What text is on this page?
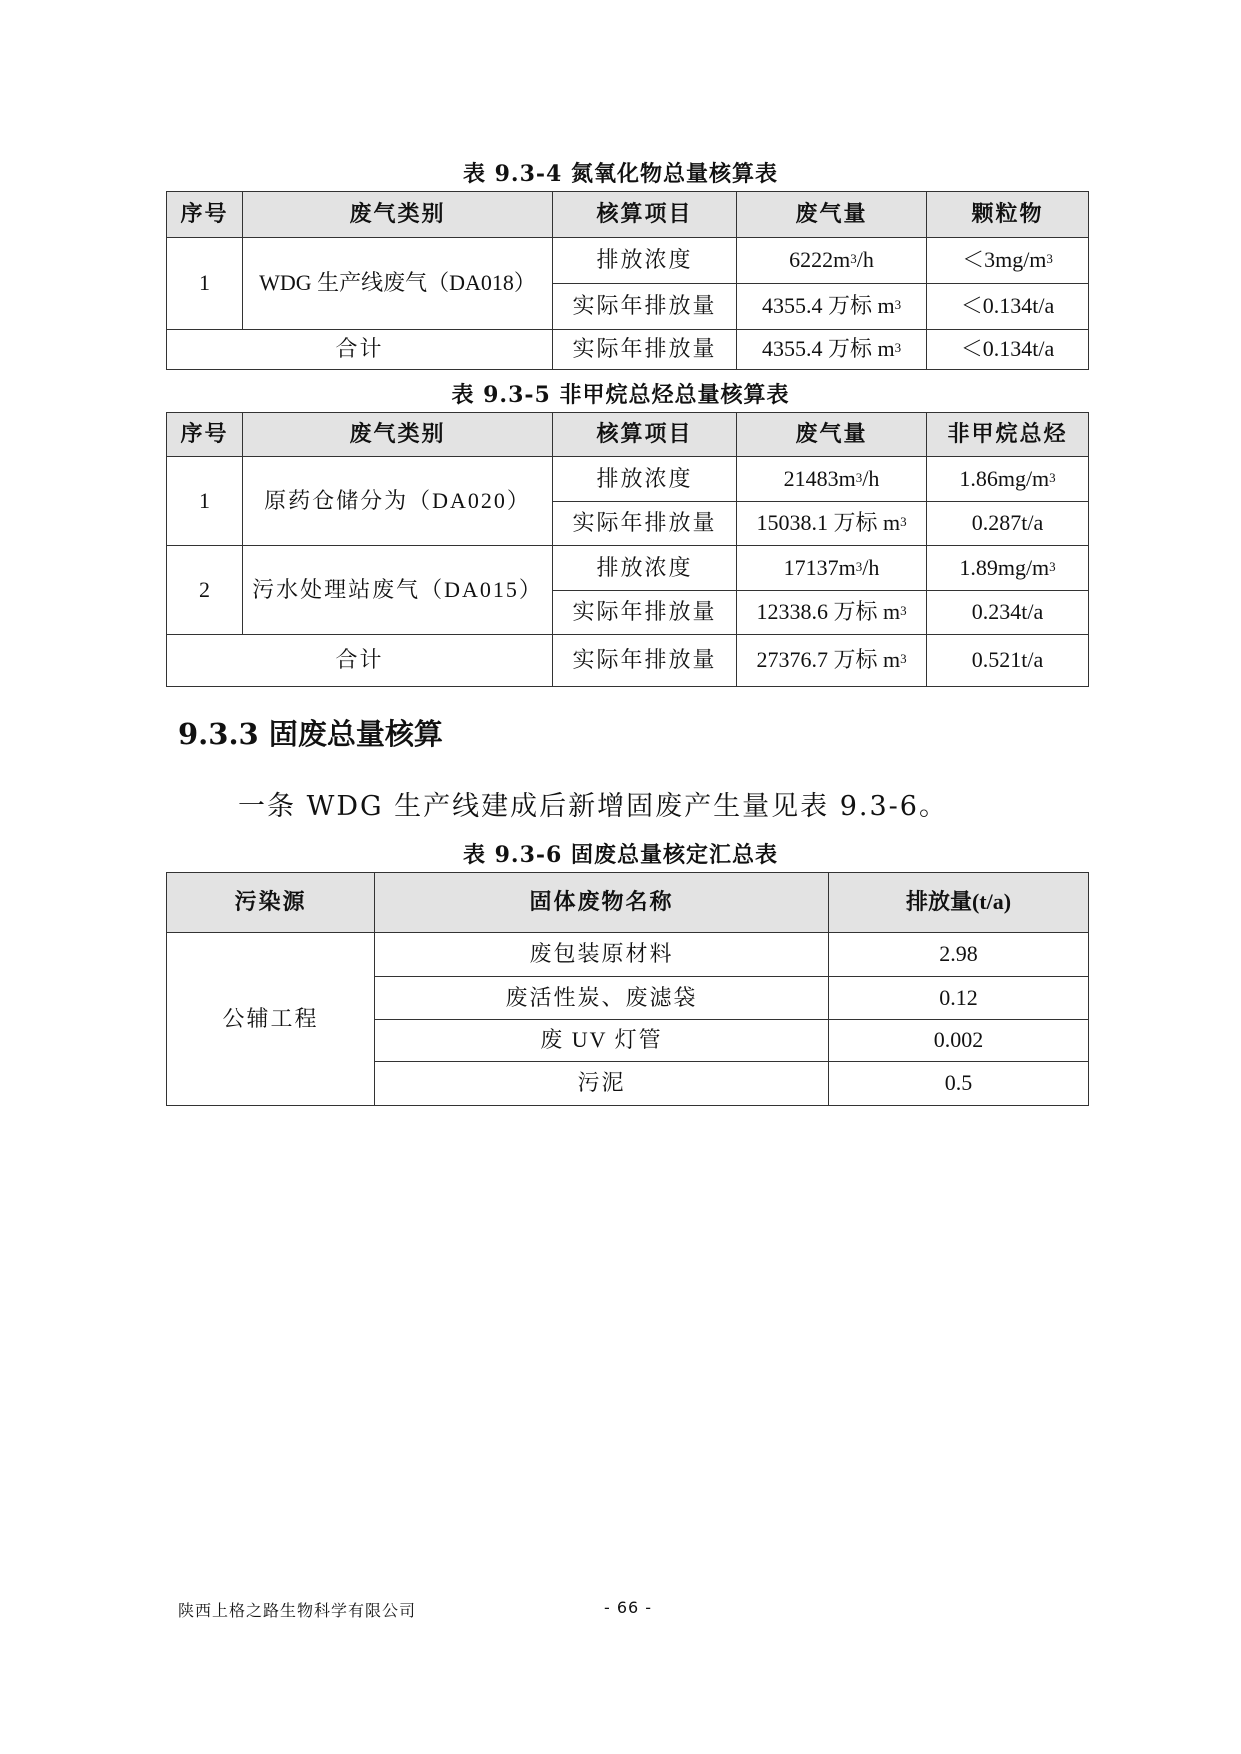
表 9.3-4 氮氧化物总量核算表
序号	废气类别	核算项目	废气量	颗粒物
1	WDG 生产线废气（DA018）	排放浓度	$6222m^3/h$	$<3mg/m^3$
		实际年排放量	4355.4 万标 $m^3$	＜0.134t/a
合计		实际年排放量	4355.4 万标 $m^3$	＜0.134t/a
表 9.3-5 非甲烷总烃总量核算表
序号	废气类别	核算项目	废气量	非甲烷总烃
1	原药仓储分为（DA020）	排放浓度	$21483m^3/h$	$1.86mg/m^3$
		实际年排放量	15038.1 万标 $m^3$	0.287t/a
2	污水处理站废气（DA015）	排放浓度	$17137m^3/h$	$1.89mg/m^3$
		实际年排放量	12338.6 万标 $m^3$	0.234t/a
合计		实际年排放量	27376.7 万标 $m^3$	0.521t/a
9.3.3 固废总量核算

一条 WDG 生产线建成后新增固废产生量见表 9.3-6。

表 9.3-6 固废总量核定汇总表
污染源	固体废物名称	排放量(t/a)
公辅工程	废包装原材料	2.98
	废活性炭、废滤袋	0.12
	废 UV 灯管	0.002
	污泥	0.5
陕西上格之路生物科学有限公司	- 66 -
